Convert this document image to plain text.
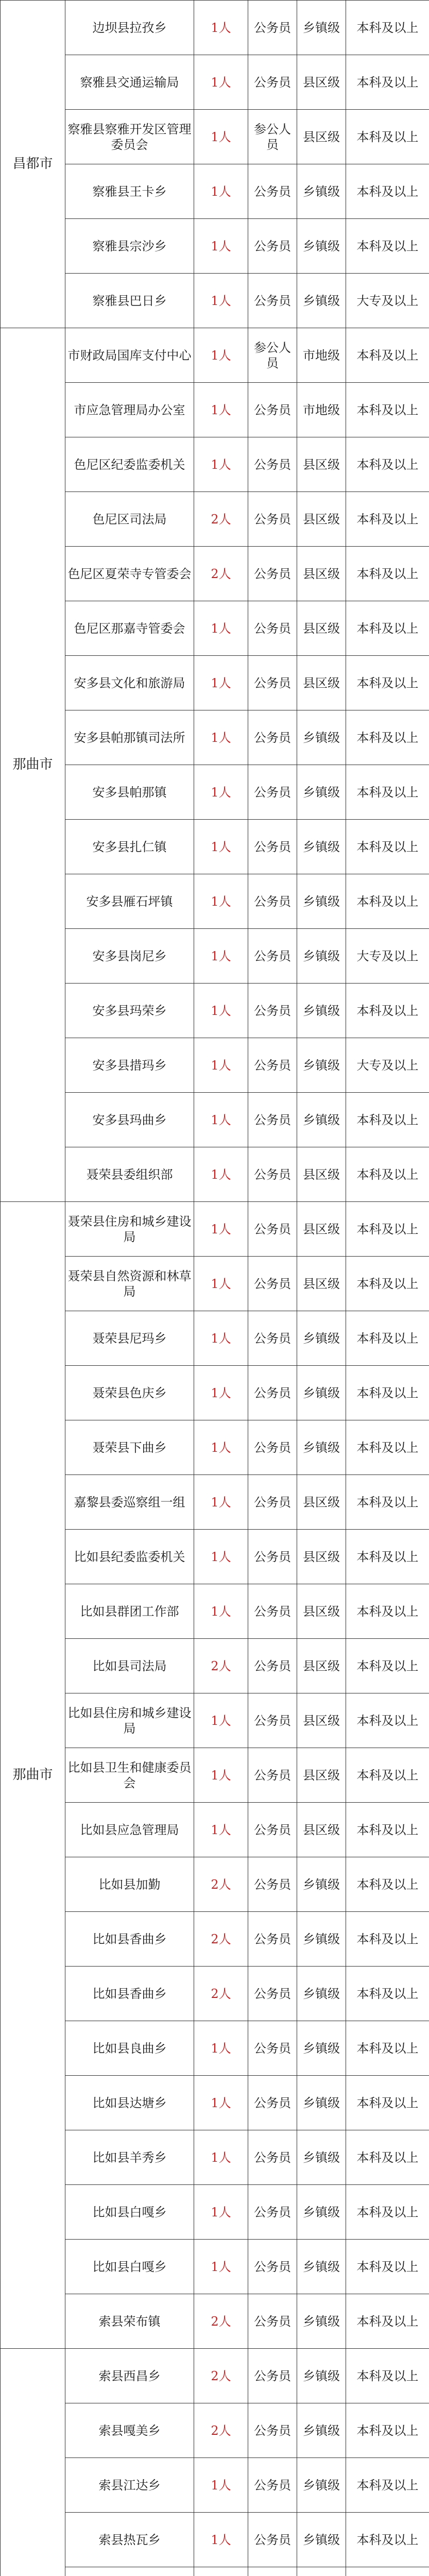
昌都市	边坝县拉孜乡	1人	公务员	乡镇级	本科及以上
	察雅县交通运输局	1人	公务员	县区级	本科及以上
	察雅县察雅开发区管理委员会	1人	参公人员	县区级	本科及以上
	察雅县王卡乡	1人	公务员	乡镇级	本科及以上
	察雅县宗沙乡	1人	公务员	乡镇级	本科及以上
	察雅县巴日乡	1人	公务员	乡镇级	大专及以上
那曲市	市财政局国库支付中心	1人	参公人员	市地级	本科及以上
	市应急管理局办公室	1人	公务员	市地级	本科及以上
	色尼区纪委监委机关	1人	公务员	县区级	本科及以上
	色尼区司法局	2人	公务员	县区级	本科及以上
	色尼区夏荣寺专管委会	2人	公务员	县区级	本科及以上
	色尼区那嘉寺管委会	1人	公务员	县区级	本科及以上
	安多县文化和旅游局	1人	公务员	县区级	本科及以上
	安多县帕那镇司法所	1人	公务员	乡镇级	本科及以上
	安多县帕那镇	1人	公务员	乡镇级	本科及以上
	安多县扎仁镇	1人	公务员	乡镇级	本科及以上
	安多县雁石坪镇	1人	公务员	乡镇级	本科及以上
	安多县岗尼乡	1人	公务员	乡镇级	大专及以上
	安多县玛荣乡	1人	公务员	乡镇级	本科及以上
	安多县措玛乡	1人	公务员	乡镇级	大专及以上
	安多县玛曲乡	1人	公务员	乡镇级	本科及以上
	聂荣县委组织部	1人	公务员	县区级	本科及以上
那曲市	聂荣县住房和城乡建设局	1人	公务员	县区级	本科及以上
	聂荣县自然资源和林草局	1人	公务员	县区级	本科及以上
	聂荣县尼玛乡	1人	公务员	乡镇级	本科及以上
	聂荣县色庆乡	1人	公务员	乡镇级	本科及以上
	聂荣县下曲乡	1人	公务员	乡镇级	本科及以上
	嘉黎县委巡察组一组	1人	公务员	县区级	本科及以上
	比如县纪委监委机关	1人	公务员	县区级	本科及以上
	比如县群团工作部	1人	公务员	县区级	本科及以上
	比如县司法局	2人	公务员	县区级	本科及以上
	比如县住房和城乡建设局	1人	公务员	县区级	本科及以上
	比如县卫生和健康委员会	1人	公务员	县区级	本科及以上
	比如县应急管理局	1人	公务员	县区级	本科及以上
	比如县加勤	2人	公务员	乡镇级	本科及以上
	比如县香曲乡	2人	公务员	乡镇级	本科及以上
	比如县香曲乡	2人	公务员	乡镇级	本科及以上
	比如县良曲乡	1人	公务员	乡镇级	本科及以上
	比如县达塘乡	1人	公务员	乡镇级	本科及以上
	比如县羊秀乡	1人	公务员	乡镇级	本科及以上
	比如县白嘎乡	1人	公务员	乡镇级	本科及以上
	比如县白嘎乡	1人	公务员	乡镇级	本科及以上
	索县荣布镇	2人	公务员	乡镇级	本科及以上
	索县西昌乡	2人	公务员	乡镇级	本科及以上
	索县嘎美乡	2人	公务员	乡镇级	本科及以上
	索县江达乡	1人	公务员	乡镇级	本科及以上
	索县热瓦乡	1人	公务员	乡镇级	本科及以上
